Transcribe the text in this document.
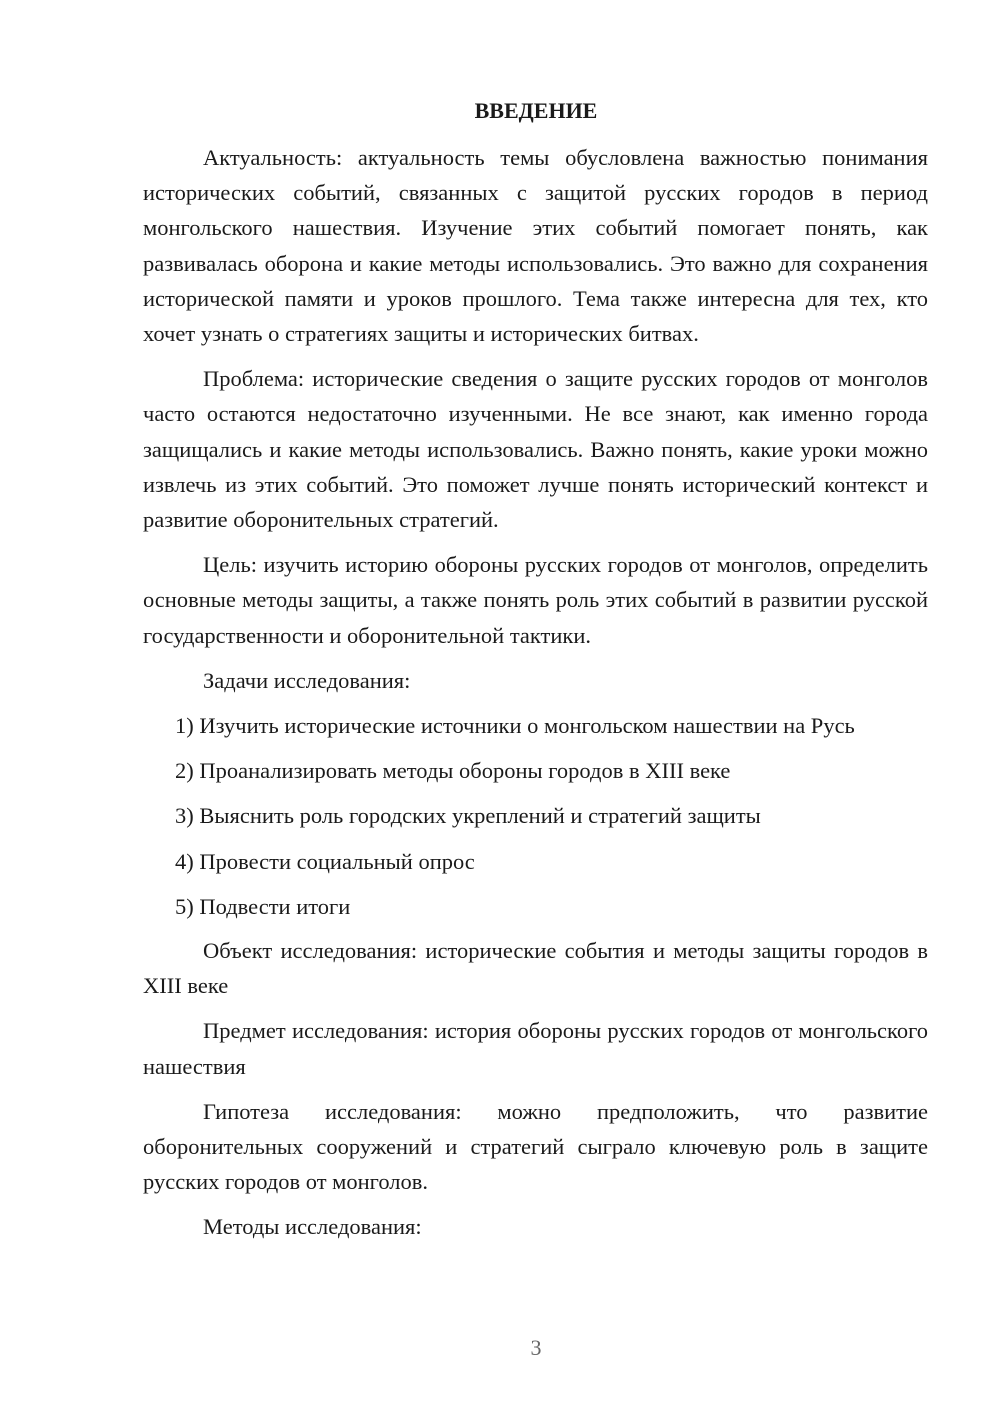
ВВЕДЕНИЕ

Актуальность: актуальность темы обусловлена важностью понимания исторических событий, связанных с защитой русских городов в период монгольского нашествия. Изучение этих событий помогает понять, как развивалась оборона и какие методы использовались. Это важно для сохранения исторической памяти и уроков прошлого. Тема также интересна для тех, кто хочет узнать о стратегиях защиты и исторических битвах.

Проблема: исторические сведения о защите русских городов от монголов часто остаются недостаточно изученными. Не все знают, как именно города защищались и какие методы использовались. Важно понять, какие уроки можно извлечь из этих событий. Это поможет лучше понять исторический контекст и развитие оборонительных стратегий.

Цель: изучить историю обороны русских городов от монголов, определить основные методы защиты, а также понять роль этих событий в развитии русской государственности и оборонительной тактики.

Задачи исследования:

1) Изучить исторические источники о монгольском нашествии на Русь
2) Проанализировать методы обороны городов в XIII веке
3) Выяснить роль городских укреплений и стратегий защиты
4) Провести социальный опрос
5) Подвести итоги

Объект исследования: исторические события и методы защиты городов в XIII веке

Предмет исследования: история обороны русских городов от монгольского нашествия

Гипотеза исследования: можно предположить, что развитие оборонительных сооружений и стратегий сыграло ключевую роль в защите русских городов от монголов.

Методы исследования:

3
